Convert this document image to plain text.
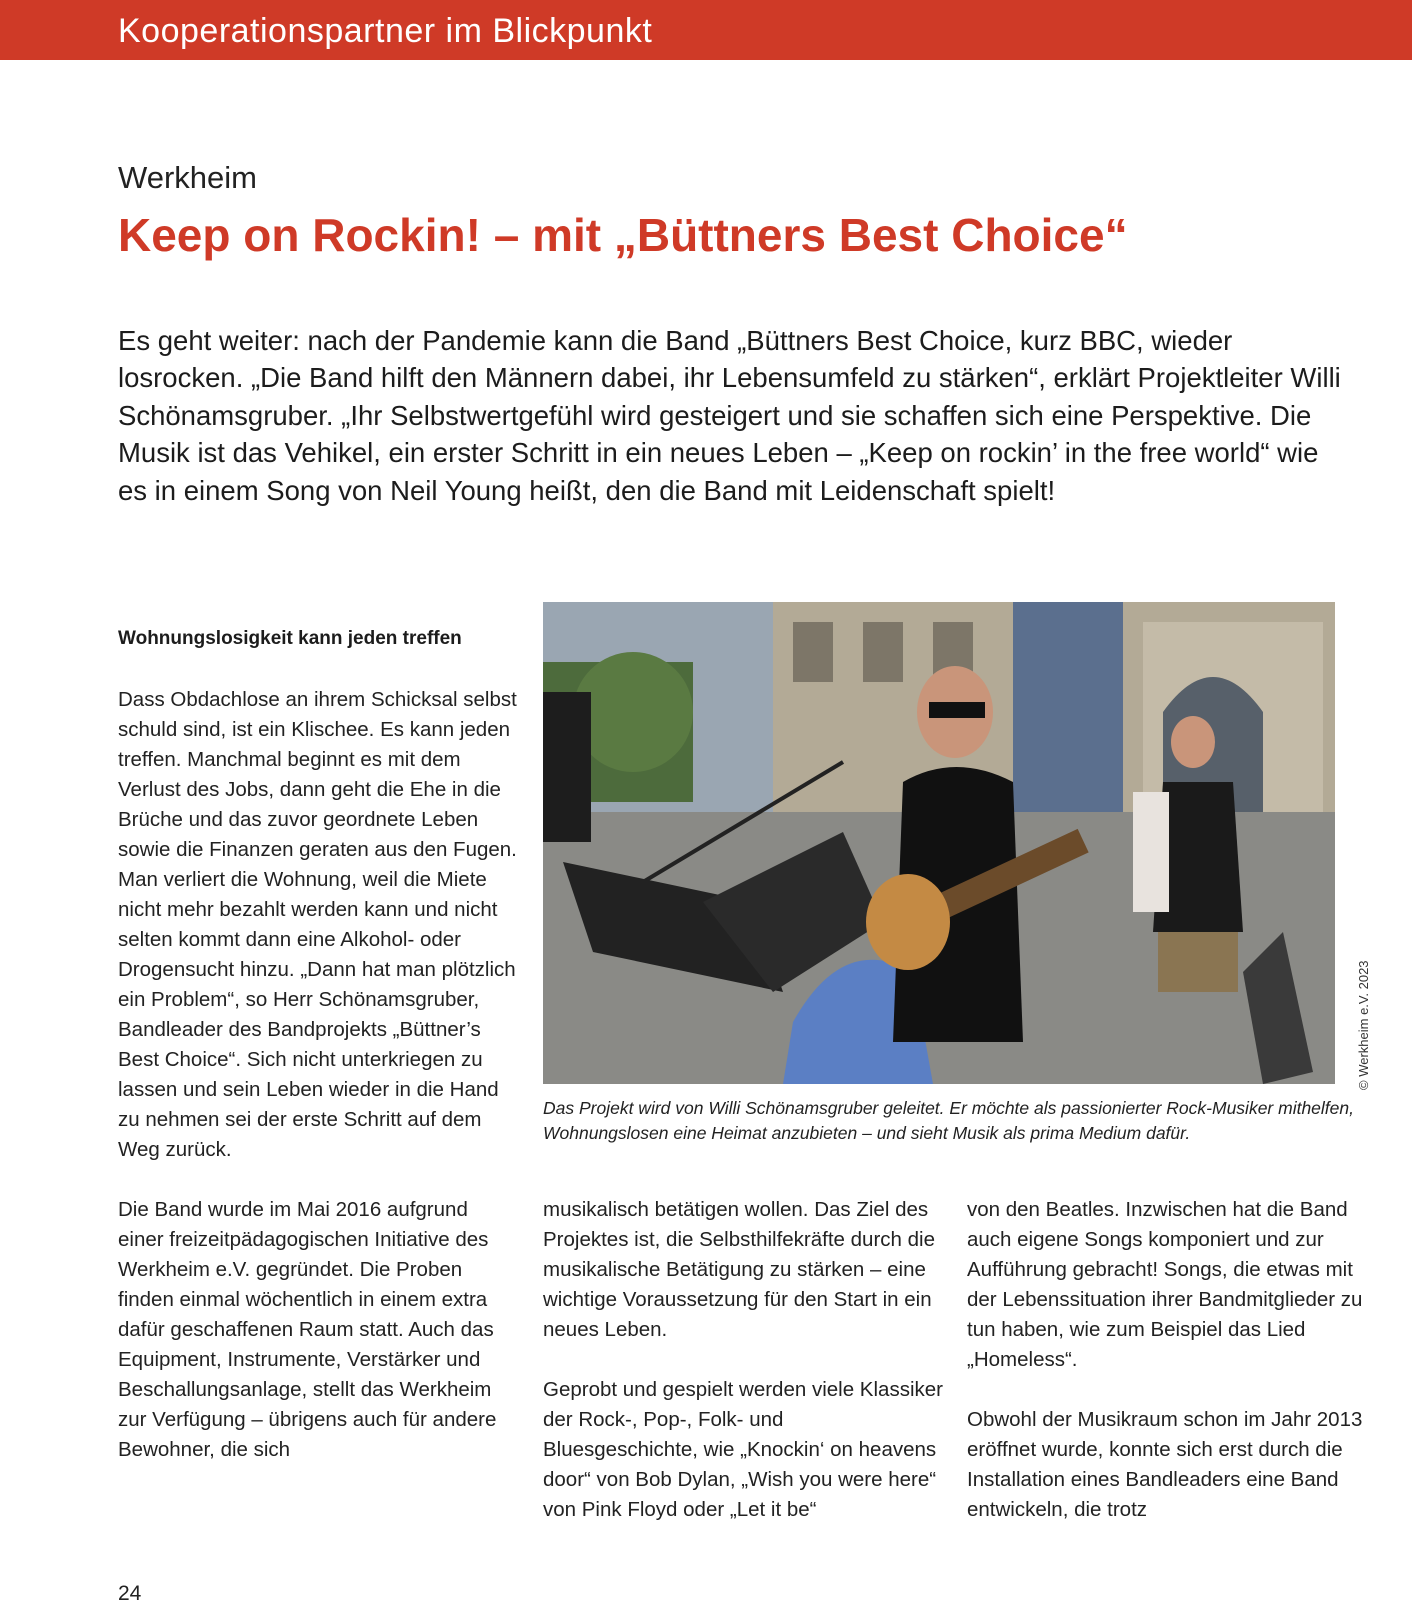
Kooperationspartner im Blickpunkt
Werkheim
Keep on Rockin! – mit „Büttners Best Choice“
Es geht weiter: nach der Pandemie kann die Band „Büttners Best Choice, kurz BBC, wieder losrocken. „Die Band hilft den Männern dabei, ihr Lebensumfeld zu stärken“, erklärt Projektleiter Willi Schönamsgruber. „Ihr Selbstwertgefühl wird gesteigert und sie schaffen sich eine Perspektive. Die Musik ist das Vehikel, ein erster Schritt in ein neues Leben – „Keep on rockin’ in the free world“ wie es in einem Song von Neil Young heißt, den die Band mit Leidenschaft spielt!
Wohnungslosigkeit kann jeden treffen

Dass Obdachlose an ihrem Schicksal selbst schuld sind, ist ein Klischee. Es kann jeden treffen. Manchmal beginnt es mit dem Verlust des Jobs, dann geht die Ehe in die Brüche und das zuvor geordnete Leben sowie die Finanzen geraten aus den Fugen. Man verliert die Wohnung, weil die Miete nicht mehr bezahlt werden kann und nicht selten kommt dann eine Alkohol- oder Drogensucht hinzu. „Dann hat man plötzlich ein Problem“, so Herr Schönamsgruber, Bandleader des Bandprojekts „Büttner’s Best Choice“. Sich nicht unterkriegen zu lassen und sein Leben wieder in die Hand zu nehmen sei der erste Schritt auf dem Weg zurück.

Die Band wurde im Mai 2016 aufgrund einer freizeitpädagogischen Initiative des Werkheim e.V. gegründet. Die Proben finden einmal wöchentlich in einem extra dafür geschaffenen Raum statt. Auch das Equipment, Instrumente, Verstärker und Beschallungsanlage, stellt das Werkheim zur Verfügung – übrigens auch für andere Bewohner, die sich

© Werkheim e.V. 2023
Das Projekt wird von Willi Schönamsgruber geleitet. Er möchte als passionierter Rock-Musiker mithelfen, Wohnungslosen eine Heimat anzubieten – und sieht Musik als prima Medium dafür.

musikalisch betätigen wollen. Das Ziel des Projektes ist, die Selbsthilfekräfte durch die musikalische Betätigung zu stärken – eine wichtige Voraussetzung für den Start in ein neues Leben.

Geprobt und gespielt werden viele Klassiker der Rock-, Pop-, Folk- und Bluesgeschichte, wie „Knockin‘ on heavens door“ von Bob Dylan, „Wish you were here“ von Pink Floyd oder „Let it be“

von den Beatles. Inzwischen hat die Band auch eigene Songs komponiert und zur Aufführung gebracht! Songs, die etwas mit der Lebenssituation ihrer Bandmitglieder zu tun haben, wie zum Beispiel das Lied „Homeless“.

Obwohl der Musikraum schon im Jahr 2013 eröffnet wurde, konnte sich erst durch die Installation eines Bandleaders eine Band entwickeln, die trotz

24
